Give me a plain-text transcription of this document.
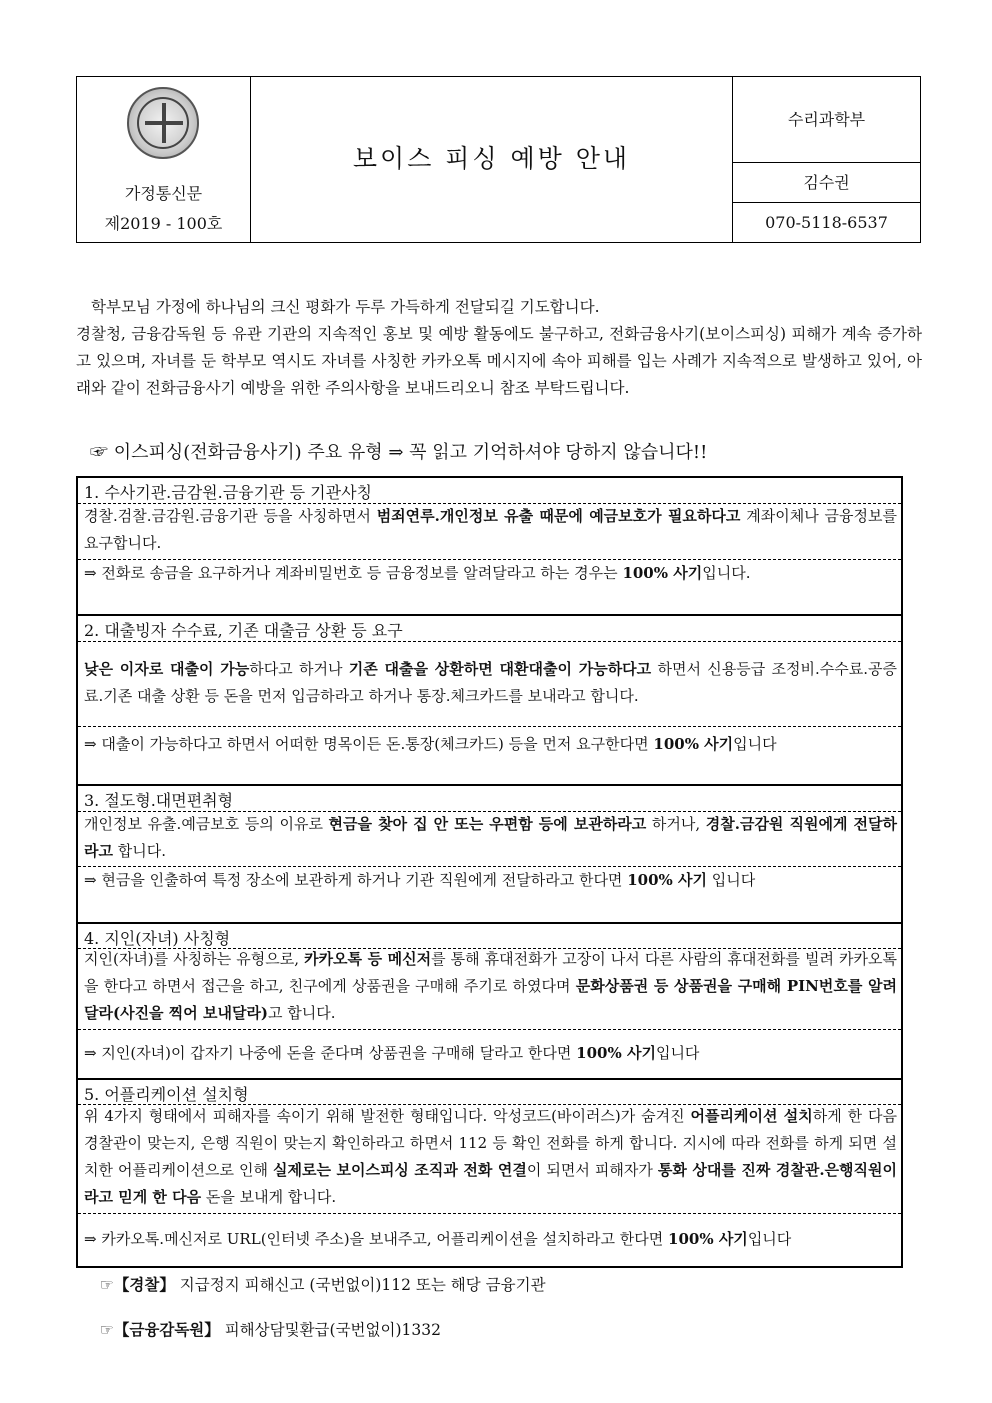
가정통신문
제2019 - 100호
보이스 피싱 예방 안내
수리과학부
김수권
070-5118-6537

학부모님 가정에 하나님의 크신 평화가 두루 가득하게 전달되길 기도합니다.

경찰청, 금융감독원 등 유관 기관의 지속적인 홍보 및 예방 활동에도 불구하고, 전화금융사기(보이스피싱) 피해가 계속 증가하고 있으며, 자녀를 둔 학부모 역시도 자녀를 사칭한 카카오톡 메시지에 속아 피해를 입는 사례가 지속적으로 발생하고 있어, 아래와 같이 전화금융사기 예방을 위한 주의사항을 보내드리오니 참조 부탁드립니다.

☞ 이스피싱(전화금융사기) 주요 유형 ⇒ 꼭 읽고 기억하셔야 당하지 않습니다!!
1. 수사기관.금감원.금융기관 등 기관사칭
경찰.검찰.금감원.금융기관 등을 사칭하면서 범죄연루.개인정보 유출 때문에 예금보호가 필요하다고 계좌이체나 금융정보를 요구합니다.
⇒ 전화로 송금을 요구하거나 계좌비밀번호 등 금융정보를 알려달라고 하는 경우는 100% 사기입니다.
2. 대출빙자 수수료, 기존 대출금 상환 등 요구
낮은 이자로 대출이 가능하다고 하거나 기존 대출을 상환하면 대환대출이 가능하다고 하면서 신용등급 조정비.수수료.공증료.기존 대출 상환 등 돈을 먼저 입금하라고 하거나 통장.체크카드를 보내라고 합니다.
⇒ 대출이 가능하다고 하면서 어떠한 명목이든 돈.통장(체크카드) 등을 먼저 요구한다면 100% 사기입니다
3. 절도형.대면편취형
개인정보 유출.예금보호 등의 이유로 현금을 찾아 집 안 또는 우편함 등에 보관하라고 하거나, 경찰.금감원 직원에게 전달하라고 합니다.
⇒ 현금을 인출하여 특정 장소에 보관하게 하거나 기관 직원에게 전달하라고 한다면 100% 사기 입니다
4. 지인(자녀) 사칭형
지인(자녀)를 사칭하는 유형으로, 카카오톡 등 메신저를 통해 휴대전화가 고장이 나서 다른 사람의 휴대전화를 빌려 카카오톡을 한다고 하면서 접근을 하고, 친구에게 상품권을 구매해 주기로 하였다며 문화상품권 등 상품권을 구매해 PIN번호를 알려달라(사진을 찍어 보내달라)고 합니다.
⇒ 지인(자녀)이 갑자기 나중에 돈을 준다며 상품권을 구매해 달라고 한다면 100% 사기입니다
5. 어플리케이션 설치형
위 4가지 형태에서 피해자를 속이기 위해 발전한 형태입니다. 악성코드(바이러스)가 숨겨진 어플리케이션 설치하게 한 다음 경찰관이 맞는지, 은행 직원이 맞는지 확인하라고 하면서 112 등 확인 전화를 하게 합니다. 지시에 따라 전화를 하게 되면 설치한 어플리케이션으로 인해 실제로는 보이스피싱 조직과 전화 연결이 되면서 피해자가 통화 상대를 진짜 경찰관.은행직원이라고 믿게 한 다음 돈을 보내게 합니다.
⇒ 카카오톡.메신저로 URL(인터넷 주소)을 보내주고, 어플리케이션을 설치하라고 한다면 100% 사기입니다
☞【경찰】 지급정지 피해신고 (국번없이)112 또는 해당 금융기관
☞【금융감독원】 피해상담및환급(국번없이)1332
